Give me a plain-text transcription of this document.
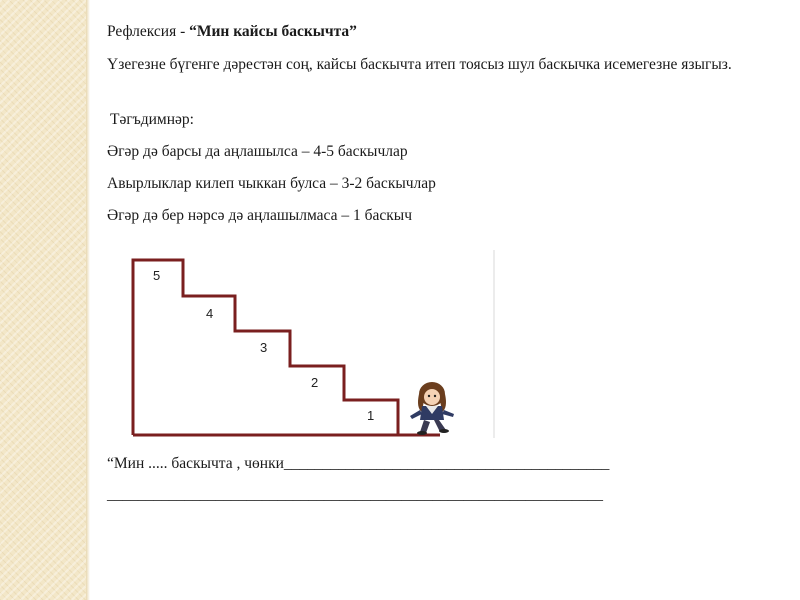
Рефлексия - “Мин кайсы баскычта”
Үзегезне бүгенге дәрестән соң, кайсы баскычта итеп тоясыз шул баскычка исемегезне языгыз.
Тәгъдимнәр:
Әгәр дә барсы да аңлашылса – 4-5 баскычлар
Авырлыклар килеп чыккан булса – 3-2 баскычлар
Әгәр дә бер нәрсә дә аңлашылмаса – 1 баскыч
5
4
3
2
1
“Мин ..... баскычта , чөнки__________________________________________
________________________________________________________________
